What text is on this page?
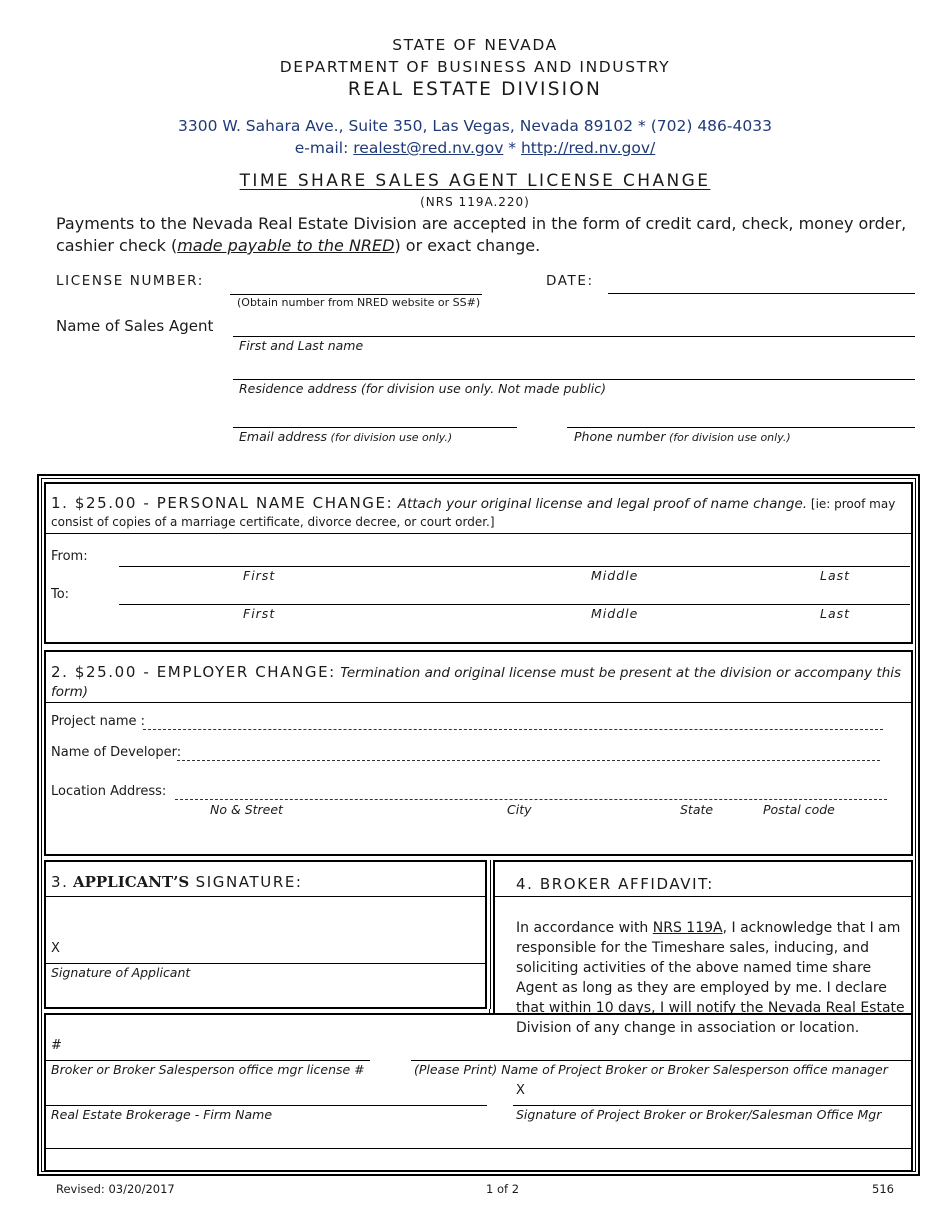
STATE OF NEVADA
DEPARTMENT OF BUSINESS AND INDUSTRY
REAL ESTATE DIVISION
3300 W. Sahara Ave., Suite 350, Las Vegas, Nevada 89102 * (702) 486-4033
e-mail: realest@red.nv.gov * http://red.nv.gov/
TIME SHARE SALES AGENT LICENSE CHANGE
(NRS 119A.220)
Payments to the Nevada Real Estate Division are accepted in the form of credit card, check, money order,
cashier check (made payable to the NRED) or exact change.
LICENSE NUMBER:
(Obtain number from NRED website or SS#)
DATE:
Name of Sales Agent
First and Last name
Residence address (for division use only. Not made public)
Email address (for division use only.)	Phone number (for division use only.)
1. $25.00 - PERSONAL NAME CHANGE: Attach your original license and legal proof of name change. [ie: proof may
consist of copies of a marriage certificate, divorce decree, or court order.]
From:
First	Middle	Last
To:
First	Middle	Last
2. $25.00 - EMPLOYER CHANGE: Termination and original license must be present at the division or accompany this
form)
Project name :
Name of Developer:
Location Address:
No & Street	City	State	Postal code
3. APPLICANT’S SIGNATURE:
X
Signature of Applicant
4. BROKER AFFIDAVIT:
In accordance with NRS 119A, I acknowledge that I am responsible for the Timeshare sales, inducing, and soliciting activities of the above named time share Agent as long as they are employed by me. I declare that within 10 days, I will notify the Nevada Real Estate Division of any change in association or location.
#
Broker or Broker Salesperson office mgr license #	(Please Print) Name of Project Broker or Broker Salesperson office manager
X
Real Estate Brokerage - Firm Name	Signature of Project Broker or Broker/Salesman Office Mgr
Revised: 03/20/2017	1 of 2	516
